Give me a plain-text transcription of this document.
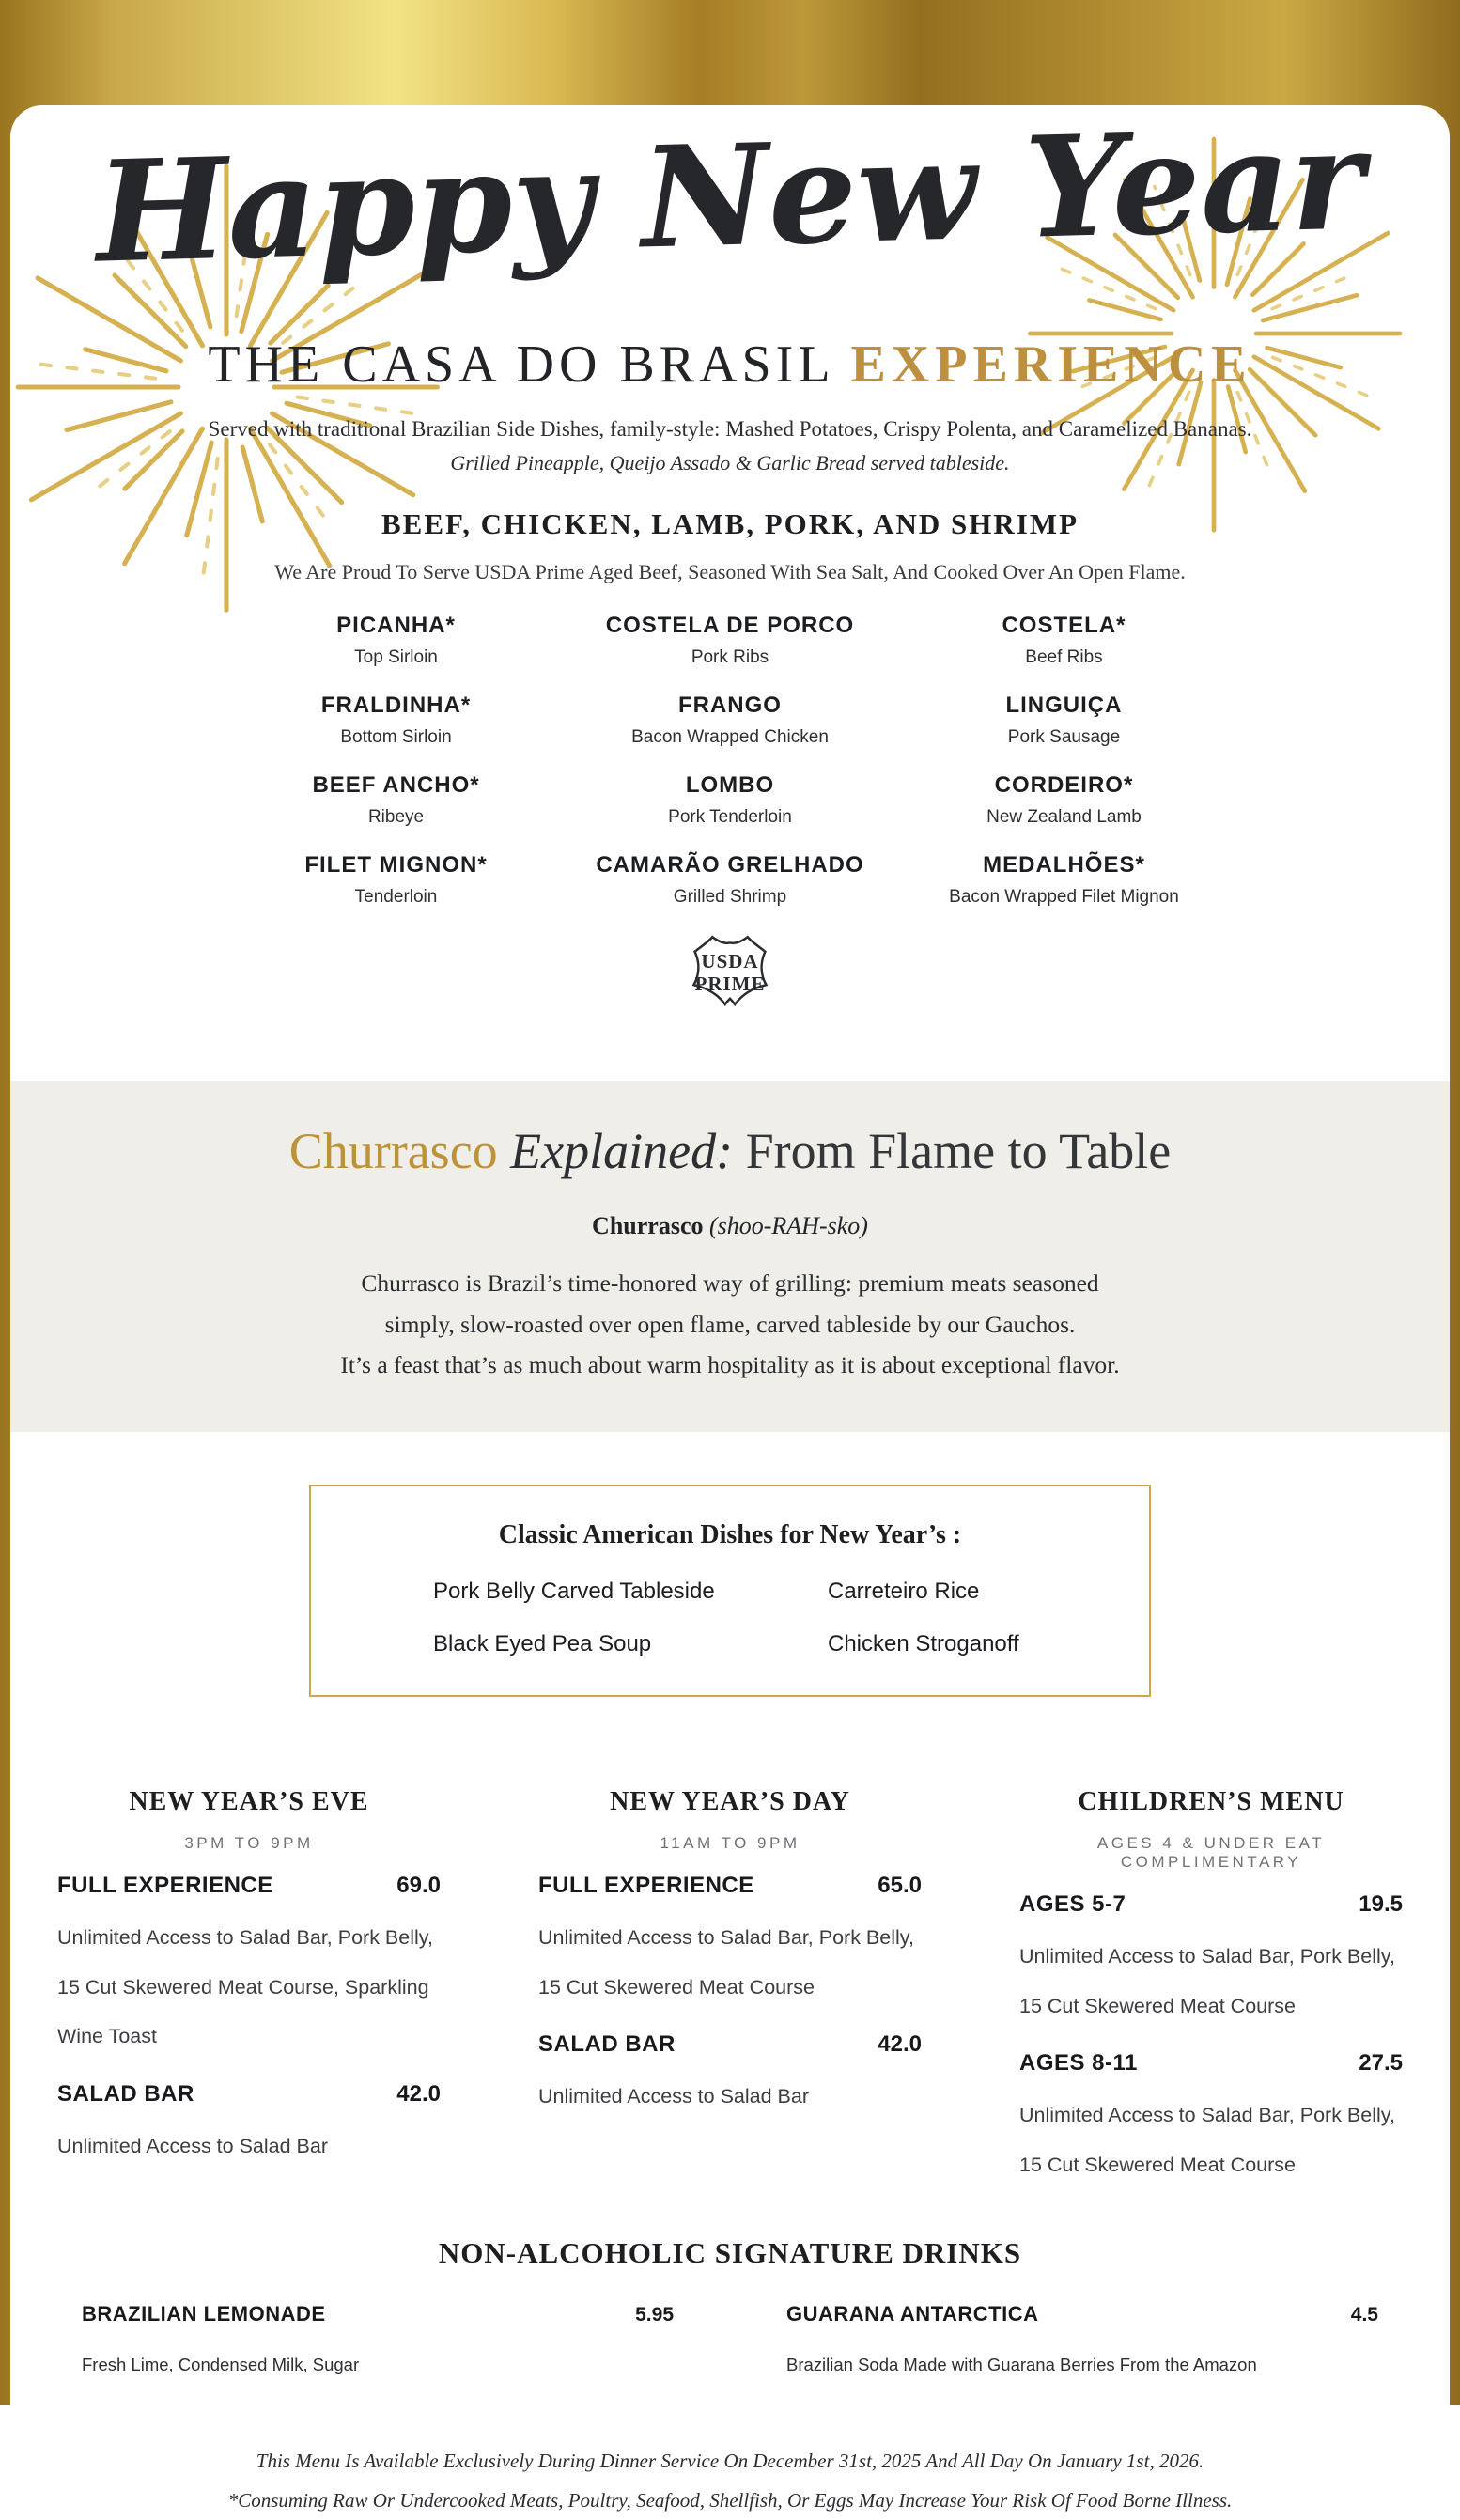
Happy New Year
THE CASA DO BRASIL EXPERIENCE
Served with traditional Brazilian Side Dishes, family-style: Mashed Potatoes, Crispy Polenta, and Caramelized Bananas.
Grilled Pineapple, Queijo Assado & Garlic Bread served tableside.
BEEF, CHICKEN, LAMB, PORK, AND SHRIMP
We Are Proud To Serve USDA Prime Aged Beef, Seasoned With Sea Salt, And Cooked Over An Open Flame.
PICANHA*
Top Sirloin
COSTELA DE PORCO
Pork Ribs
COSTELA*
Beef Ribs
FRALDINHA*
Bottom Sirloin
FRANGO
Bacon Wrapped Chicken
LINGUIÇA
Pork Sausage
BEEF ANCHO*
Ribeye
LOMBO
Pork Tenderloin
CORDEIRO*
New Zealand Lamb
FILET MIGNON*
Tenderloin
CAMARÃO GRELHADO
Grilled Shrimp
MEDALHÕES*
Bacon Wrapped Filet Mignon
USDA
PRIME
Churrasco Explained: From Flame to Table
Churrasco (shoo-RAH-sko)
Churrasco is Brazil’s time-honored way of grilling: premium meats seasoned
simply, slow-roasted over open flame, carved tableside by our Gauchos.
It’s a feast that’s as much about warm hospitality as it is about exceptional flavor.
Classic American Dishes for New Year’s :
Pork Belly Carved Tableside	Carreteiro Rice
Black Eyed Pea Soup	Chicken Stroganoff
NEW YEAR’S EVE
3PM TO 9PM
FULL EXPERIENCE	69.0
Unlimited Access to Salad Bar, Pork Belly, 15 Cut Skewered Meat Course, Sparkling Wine Toast
SALAD BAR	42.0
Unlimited Access to Salad Bar
NEW YEAR’S DAY
11AM TO 9PM
FULL EXPERIENCE	65.0
Unlimited Access to Salad Bar, Pork Belly, 15 Cut Skewered Meat Course
SALAD BAR	42.0
Unlimited Access to Salad Bar
CHILDREN’S MENU
AGES 4 & UNDER EAT COMPLIMENTARY
AGES 5-7	19.5
Unlimited Access to Salad Bar, Pork Belly, 15 Cut Skewered Meat Course
AGES 8-11	27.5
Unlimited Access to Salad Bar, Pork Belly, 15 Cut Skewered Meat Course
NON-ALCOHOLIC SIGNATURE DRINKS
BRAZILIAN LEMONADE	5.95
Fresh Lime, Condensed Milk, Sugar
GUARANA ANTARCTICA	4.5
Brazilian Soda Made with Guarana Berries From the Amazon
This Menu Is Available Exclusively During Dinner Service On December 31st, 2025 And All Day On January 1st, 2026.
*Consuming Raw Or Undercooked Meats, Poultry, Seafood, Shellfish, Or Eggs May Increase Your Risk Of Food Borne Illness.
